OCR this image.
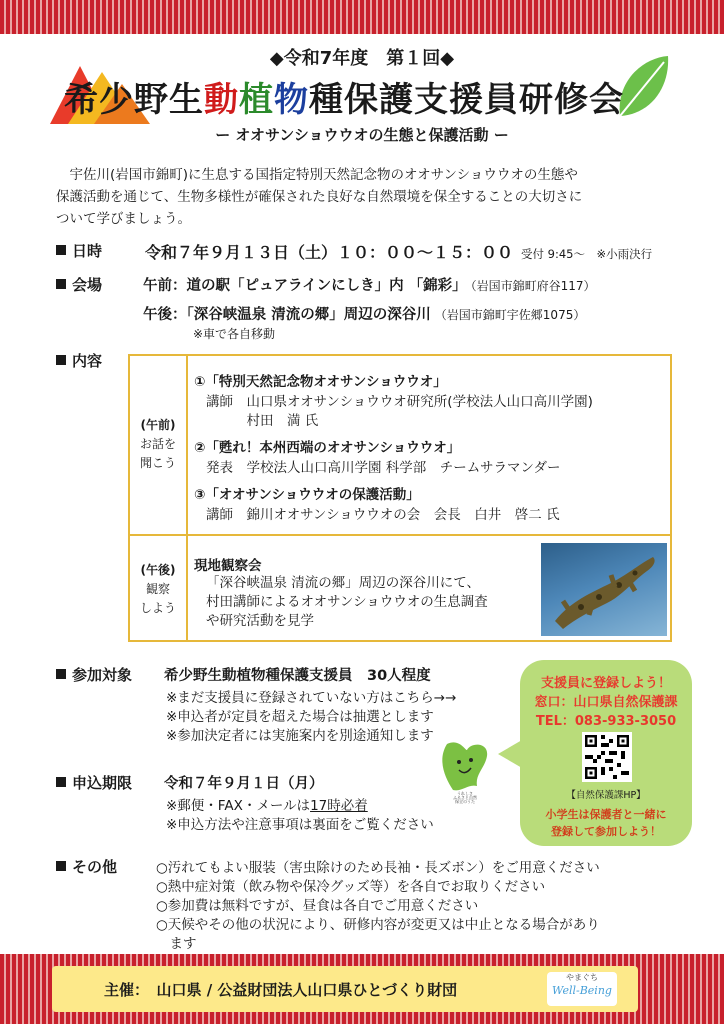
◆令和7年度　第１回◆
希少野生動植物種保護支援員研修会
ー オオサンショウウオの生態と保護活動 ー
　宇佐川(岩国市錦町)に生息する国指定特別天然記念物のオオサンショウウオの生態や
保護活動を通じて、生物多様性が確保された良好な自然環境を保全することの大切さに
ついて学びましょう。
日時	令和７年９月１３日（土）１０：００～１５：００ 受付 9:45～　※小雨決行
会場	午前：道の駅「ピュアラインにしき」内 「錦彩」 （岩国市錦町府谷117）
午後：「深谷峡温泉 清流の郷」周辺の深谷川 （岩国市錦町宇佐郷1075）
※車で各自移動
内容
(午前)
お話を
聞こう
①「特別天然記念物オオサンショウウオ」
講師　山口県オオサンショウウオ研究所(学校法人山口高川学園)
　　　村田　満 氏
②「甦れ！本州西端のオオサンショウウオ」
発表　学校法人山口高川学園 科学部　チームサラマンダー
③「オオサンショウウオの保護活動」
講師　錦川オオサンショウウオの会　会長　白井　啓二 氏
(午後)
観察
しよう
現地観察会
「深谷峡温泉 清流の郷」周辺の深谷川にて、
村田講師によるオオサンショウウオの生息調査
や研究活動を見学
参加対象 希少野生動植物種保護支援員　30人程度
※まだ支援員に登録されていない方はこちら→→
※申込者が定員を超えた場合は抽選とします
※参加決定者には実施案内を別途通知します
申込期限 令和７年９月１日（月）
※郵便・FAX・メールは17時必着
※申込方法や注意事項は裏面をご覧ください
うれしさ
ふるさと自然
保全のうた
支援員に登録しよう！
窓口：山口県自然保護課
TEL：083-933-3050
【自然保護課HP】
小学生は保護者と一緒に
登録して参加しよう！
その他	○汚れてもよい服装（害虫除けのため長袖・長ズボン）をご用意ください
○熱中症対策（飲み物や保冷グッズ等）を各自でお取りください
○参加費は無料ですが、昼食は各自でご用意ください
○天候やその他の状況により、研修内容が変更又は中止となる場合があり
　ます
主催：　山口県 / 公益財団法人山口県ひとづくり財団
やまぐち
Well-Being
